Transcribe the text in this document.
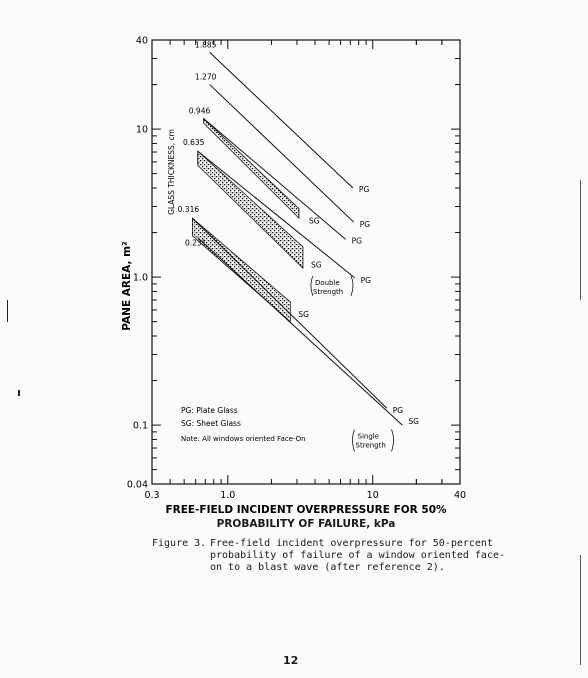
0.3	1.0	10	40
40
10
1.0
0.1
0.04
1.885
PG
1.270
PG
0.946
PG
SG
0.635
PG
SG
0.316
PG
SG
0.231
SG
Double
Strength
Single
Strength
FREE-FIELD INCIDENT OVERPRESSURE FOR 50%
PANE AREA, m²
GLASS THICKNESS, cm
PG: Plate Glass
SG: Sheet Glass
Note: All windows oriented Face-On
PROBABILITY OF FAILURE, kPa
Figure 3. Free-field incident overpressure for 50-percent probability of failure of a window oriented face-on to a blast wave (after reference 2).
12
